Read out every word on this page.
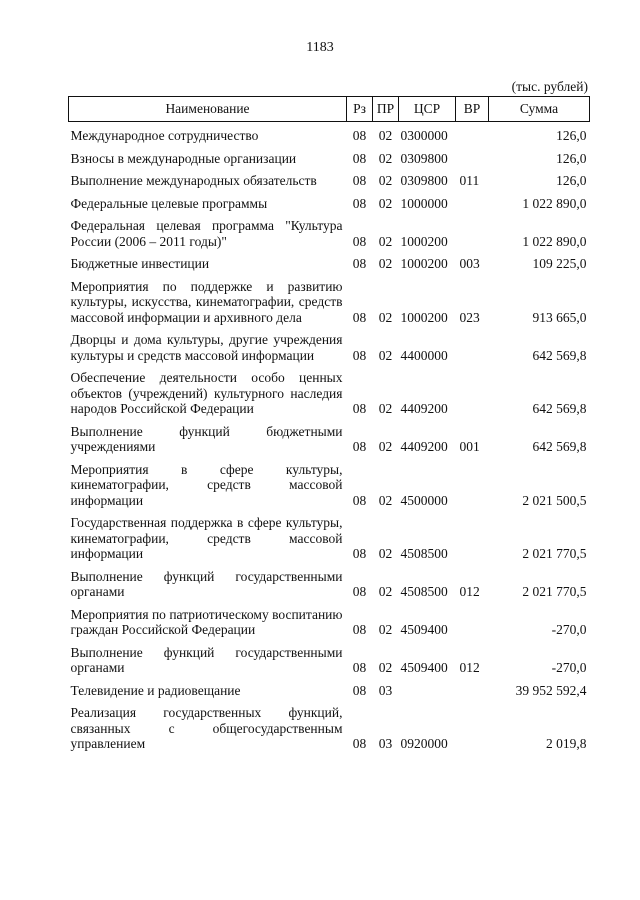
1183
(тыс. рублей)
Наименование	Рз	ПР	ЦСР	ВР	Сумма
Международное сотрудничество	08	02	0300000		126,0
Взносы в международные организации	08	02	0309800		126,0
Выполнение международных обязательств	08	02	0309800	011	126,0
Федеральные целевые программы	08	02	1000000		1 022 890,0
Федеральная целевая программа "Культура России (2006 – 2011 годы)"	08	02	1000200		1 022 890,0
Бюджетные инвестиции	08	02	1000200	003	109 225,0
Мероприятия по поддержке и развитию культуры, искусства, кинематографии, средств массовой информации и архивного дела	08	02	1000200	023	913 665,0
Дворцы и дома культуры, другие учреждения культуры и средств массовой информации	08	02	4400000		642 569,8
Обеспечение деятельности особо ценных объектов (учреждений) культурного наследия народов Российской Федерации	08	02	4409200		642 569,8
Выполнение функций бюджетными учреждениями	08	02	4409200	001	642 569,8
Мероприятия в сфере культуры, кинематографии, средств массовой информации	08	02	4500000		2 021 500,5
Государственная поддержка в сфере культуры, кинематографии, средств массовой информации	08	02	4508500		2 021 770,5
Выполнение функций государственными органами	08	02	4508500	012	2 021 770,5
Мероприятия по патриотическому воспитанию граждан Российской Федерации	08	02	4509400		-270,0
Выполнение функций государственными органами	08	02	4509400	012	-270,0
Телевидение и радиовещание	08	03			39 952 592,4
Реализация государственных функций, связанных с общегосударственным управлением	08	03	0920000		2 019,8
